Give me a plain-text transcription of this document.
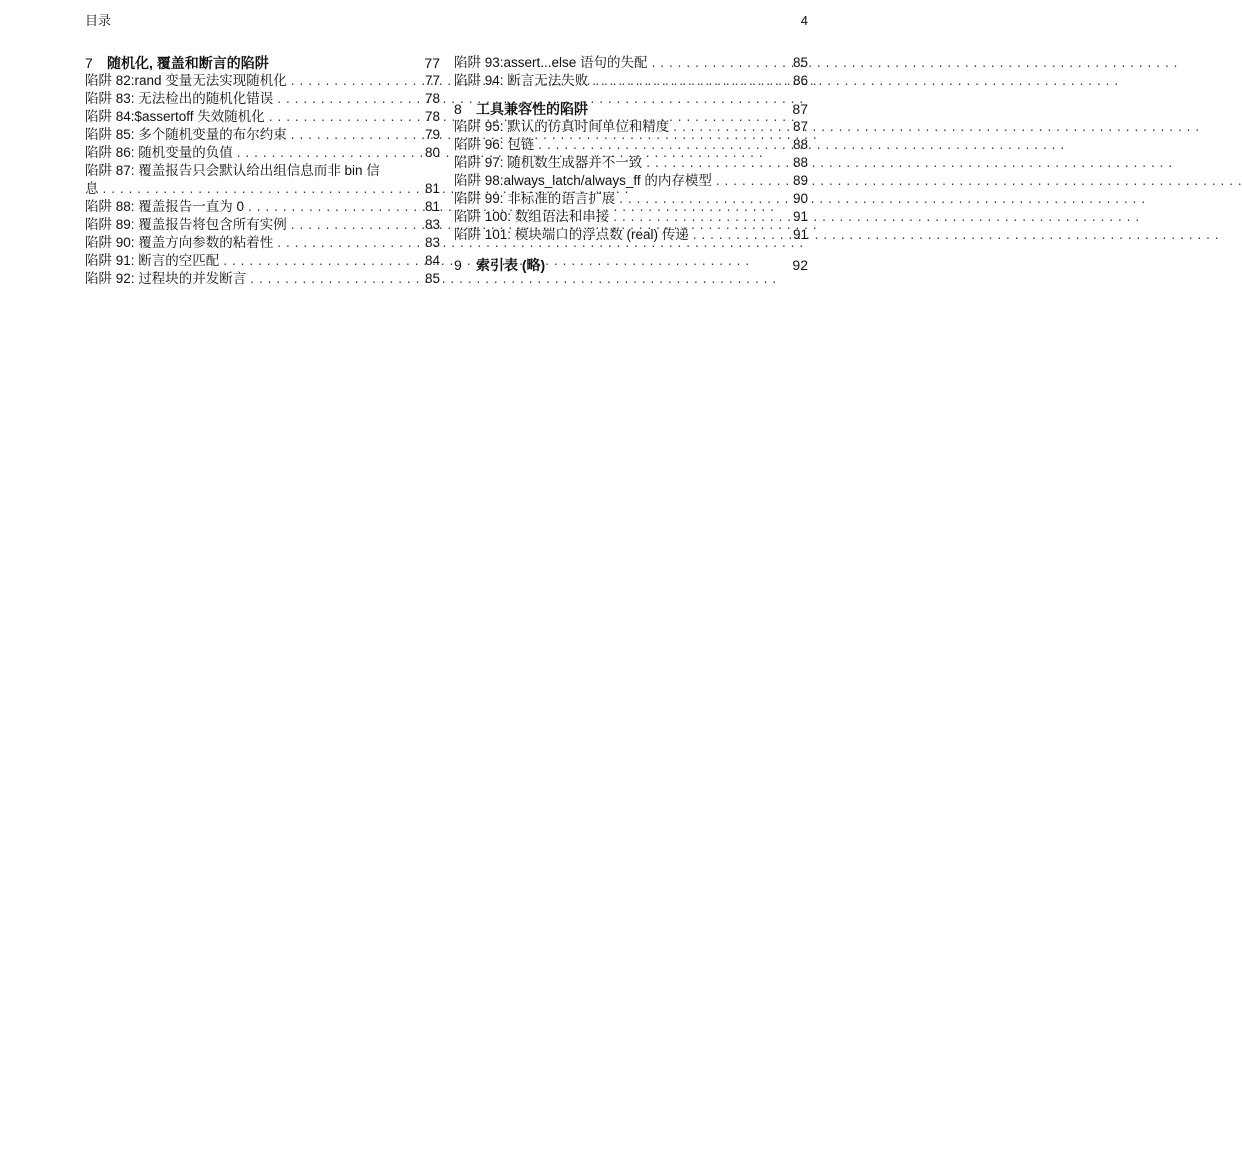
目录	4
7	随机化, 覆盖和断言的陷阱	77
陷阱 82:rand 变量无法实现随机化 . . .	77
陷阱 83: 无法检出的随机化错误 . . .	78
陷阱 84:$assertoff 失效随机化 . . .	78
陷阱 85: 多个随机变量的布尔约束 . . .	79
陷阱 86: 随机变量的负值 . . .	80
陷阱 87: 覆盖报告只会默认给出组信息而非 bin 信
息 . . .	81
陷阱 88: 覆盖报告一直为 0 . . .	81
陷阱 89: 覆盖报告将包含所有实例 . . .	83
陷阱 90: 覆盖方向参数的粘着性 . . .	83
陷阱 91: 断言的空匹配 . . .	84
陷阱 92: 过程块的并发断言 . . .	85
陷阱 93:assert...else 语句的失配 . . .	85
陷阱 94: 断言无法失败 . . .	86
8	工具兼容性的陷阱	87
陷阱 95: 默认的仿真时间单位和精度 . . .	87
陷阱 96: 包链 . . .	88
陷阱 97: 随机数生成器并不一致 . . .	88
陷阱 98:always_latch/always_ff 的内存模型 . . .	89
陷阱 99: 非标准的语言扩展 . . .	90
陷阱 100: 数组语法和串接 . . .	91
陷阱 101: 模块端口的浮点数 (real) 传递 . . .	91
9	索引表 (略)	92
